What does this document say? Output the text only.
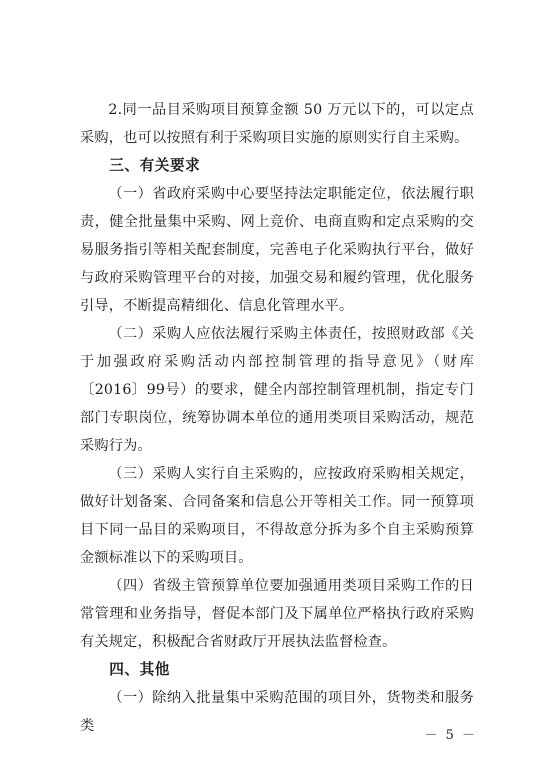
2.同一品目采购项目预算金额 50 万元以下的，可以定点采购，也可以按照有利于采购项目实施的原则实行自主采购。

三、有关要求

（一）省政府采购中心要坚持法定职能定位，依法履行职责，健全批量集中采购、网上竞价、电商直购和定点采购的交易服务指引等相关配套制度，完善电子化采购执行平台，做好与政府采购管理平台的对接，加强交易和履约管理，优化服务引导，不断提高精细化、信息化管理水平。

（二）采购人应依法履行采购主体责任，按照财政部《关于加强政府采购活动内部控制管理的指导意见》（财库〔2016〕99号）的要求，健全内部控制管理机制，指定专门部门专职岗位，统筹协调本单位的通用类项目采购活动，规范采购行为。

（三）采购人实行自主采购的，应按政府采购相关规定，做好计划备案、合同备案和信息公开等相关工作。同一预算项目下同一品目的采购项目，不得故意分拆为多个自主采购预算金额标准以下的采购项目。

（四）省级主管预算单位要加强通用类项目采购工作的日常管理和业务指导，督促本部门及下属单位严格执行政府采购有关规定，积极配合省财政厅开展执法监督检查。

四、其他

（一）除纳入批量集中采购范围的项目外，货物类和服务类

－ 5 －
